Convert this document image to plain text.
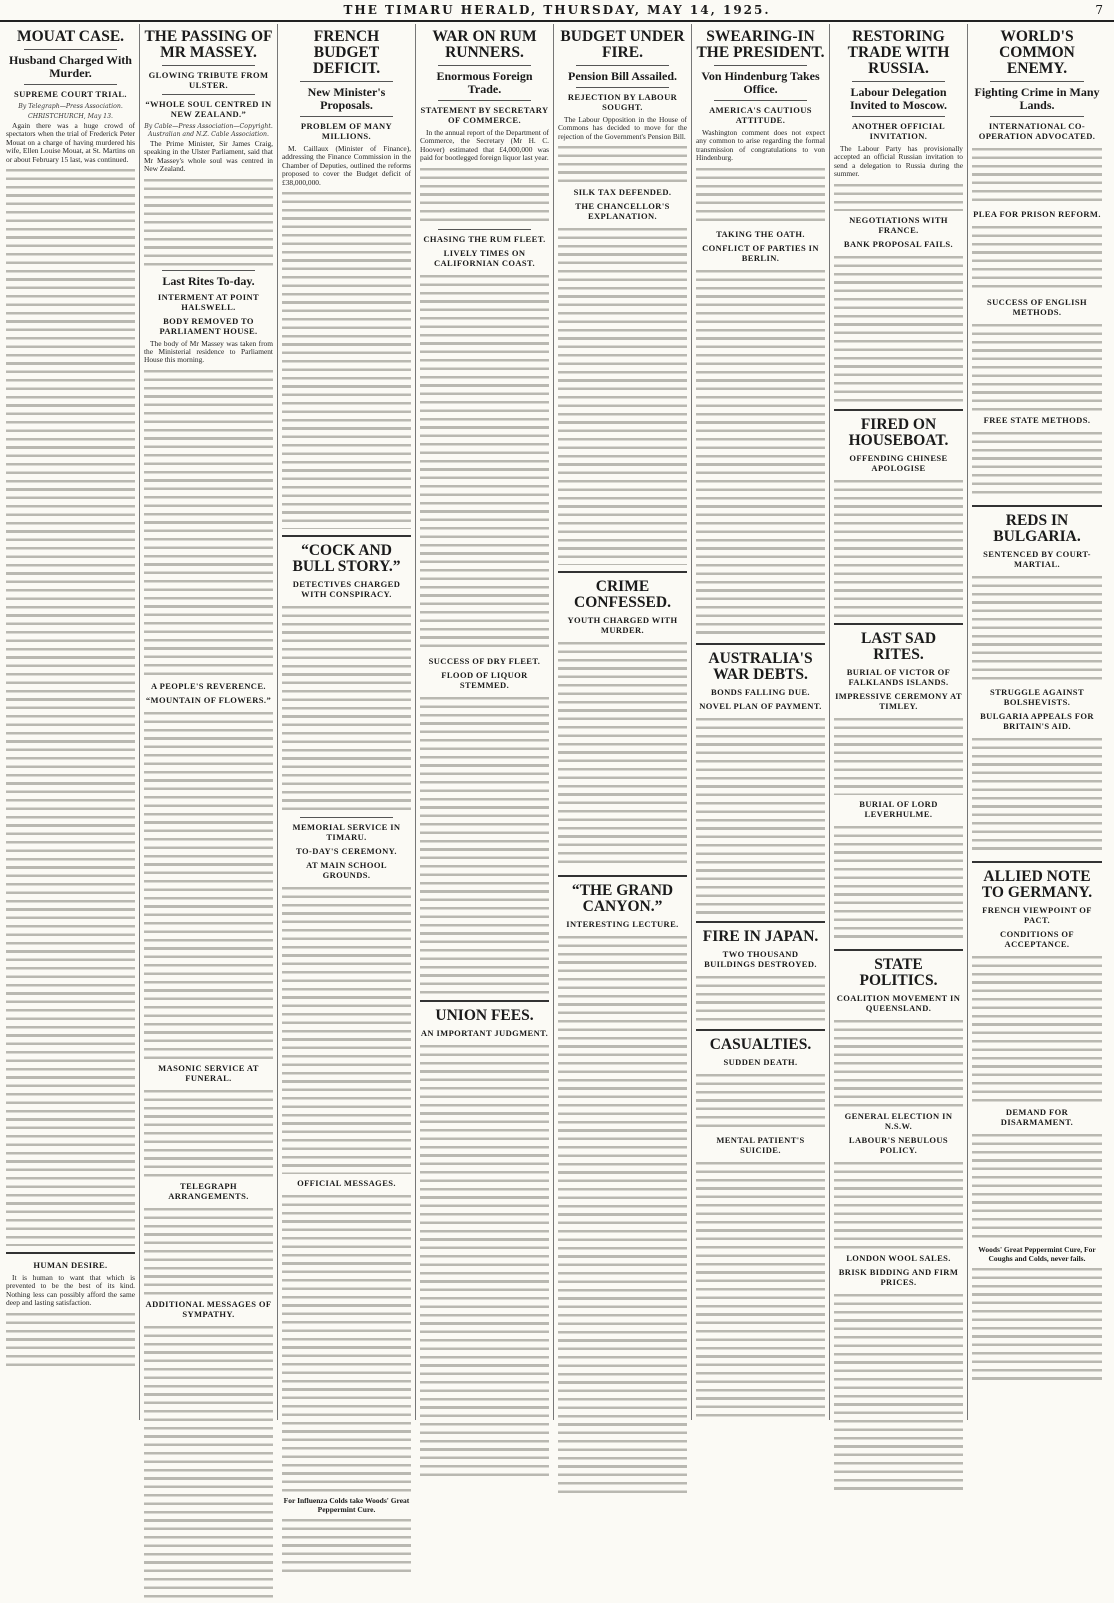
THE TIMARU HERALD, THURSDAY, MAY 14, 1925.	7
MOUAT CASE.
Husband Charged With Murder.
SUPREME COURT TRIAL.
By Telegraph—Press Association.
CHRISTCHURCH, May 13.

Again there was a huge crowd of spectators when the trial of Frederick Peter Mouat on a charge of having murdered his wife, Ellen Louise Mouat, at St. Martins on or about February 15 last, was continued.

HUMAN DESIRE.

It is human to want that which is prevented to be the best of its kind. Nothing less can possibly afford the same deep and lasting satisfaction.

THE PASSING OF MR MASSEY.
GLOWING TRIBUTE FROM ULSTER.
“WHOLE SOUL CENTRED IN NEW ZEALAND.”
By Cable—Press Association—Copyright. Australian and N.Z. Cable Association.

The Prime Minister, Sir James Craig, speaking in the Ulster Parliament, said that Mr Massey's whole soul was centred in New Zealand.

Last Rites To-day.
INTERMENT AT POINT HALSWELL.
BODY REMOVED TO PARLIAMENT HOUSE.

The body of Mr Massey was taken from the Ministerial residence to Parliament House this morning.

A PEOPLE'S REVERENCE.
“MOUNTAIN OF FLOWERS.”
MASONIC SERVICE AT FUNERAL.
TELEGRAPH ARRANGEMENTS.
ADDITIONAL MESSAGES OF SYMPATHY.
FRENCH BUDGET DEFICIT.
New Minister's Proposals.
PROBLEM OF MANY MILLIONS.

M. Caillaux (Minister of Finance), addressing the Finance Commission in the Chamber of Deputies, outlined the reforms proposed to cover the Budget deficit of £38,000,000.

“COCK AND BULL STORY.”
DETECTIVES CHARGED WITH CONSPIRACY.
MEMORIAL SERVICE IN TIMARU.
TO-DAY'S CEREMONY.
AT MAIN SCHOOL GROUNDS.
OFFICIAL MESSAGES.
For Influenza Colds take Woods' Great Peppermint Cure.
WAR ON RUM RUNNERS.
Enormous Foreign Trade.
STATEMENT BY SECRETARY OF COMMERCE.

In the annual report of the Department of Commerce, the Secretary (Mr H. C. Hoover) estimated that £4,000,000 was paid for bootlegged foreign liquor last year.

CHASING THE RUM FLEET.
LIVELY TIMES ON CALIFORNIAN COAST.
SUCCESS OF DRY FLEET.
FLOOD OF LIQUOR STEMMED.
UNION FEES.
AN IMPORTANT JUDGMENT.
BUDGET UNDER FIRE.
Pension Bill Assailed.
REJECTION BY LABOUR SOUGHT.

The Labour Opposition in the House of Commons has decided to move for the rejection of the Government's Pension Bill.

SILK TAX DEFENDED.
THE CHANCELLOR'S EXPLANATION.
CRIME CONFESSED.
YOUTH CHARGED WITH MURDER.
“THE GRAND CANYON.”
INTERESTING LECTURE.
SWEARING-IN THE PRESIDENT.
Von Hindenburg Takes Office.
AMERICA'S CAUTIOUS ATTITUDE.

Washington comment does not expect any common to arise regarding the formal transmission of congratulations to von Hindenburg.

TAKING THE OATH.
CONFLICT OF PARTIES IN BERLIN.
AUSTRALIA'S WAR DEBTS.
BONDS FALLING DUE.
NOVEL PLAN OF PAYMENT.
FIRE IN JAPAN.
TWO THOUSAND BUILDINGS DESTROYED.
CASUALTIES.
SUDDEN DEATH.
MENTAL PATIENT'S SUICIDE.
RESTORING TRADE WITH RUSSIA.
Labour Delegation Invited to Moscow.
ANOTHER OFFICIAL INVITATION.

The Labour Party has provisionally accepted an official Russian invitation to send a delegation to Russia during the summer.

NEGOTIATIONS WITH FRANCE.
BANK PROPOSAL FAILS.
FIRED ON HOUSEBOAT.
OFFENDING CHINESE APOLOGISE
LAST SAD RITES.
BURIAL OF VICTOR OF FALKLANDS ISLANDS.
IMPRESSIVE CEREMONY AT TIMLEY.
BURIAL OF LORD LEVERHULME.
STATE POLITICS.
COALITION MOVEMENT IN QUEENSLAND.
GENERAL ELECTION IN N.S.W.
LABOUR'S NEBULOUS POLICY.
LONDON WOOL SALES.
BRISK BIDDING AND FIRM PRICES.
WORLD'S COMMON ENEMY.
Fighting Crime in Many Lands.
INTERNATIONAL CO-OPERATION ADVOCATED.
PLEA FOR PRISON REFORM.
SUCCESS OF ENGLISH METHODS.
FREE STATE METHODS.
REDS IN BULGARIA.
SENTENCED BY COURT-MARTIAL.
STRUGGLE AGAINST BOLSHEVISTS.
BULGARIA APPEALS FOR BRITAIN'S AID.
ALLIED NOTE TO GERMANY.
FRENCH VIEWPOINT OF PACT.
CONDITIONS OF ACCEPTANCE.
DEMAND FOR DISARMAMENT.
Woods' Great Peppermint Cure, For Coughs and Colds, never fails.
